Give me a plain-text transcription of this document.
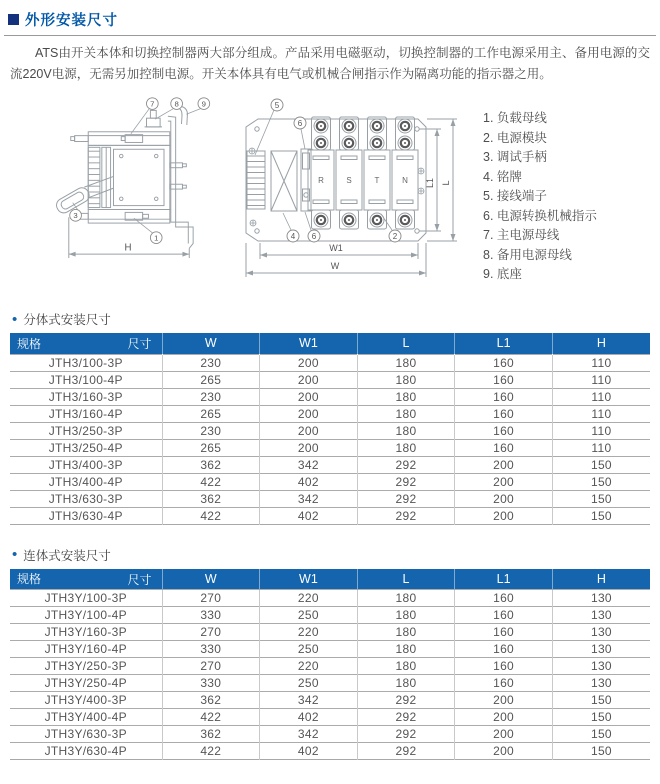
外形安装尺寸

ATS由开关本体和切换控制器两大部分组成。产品采用电磁驱动，切换控制器的工作电源采用主、备用电源的交流220V电源，无需另加控制电源。开关本体具有电气或机械合闸指示作为隔离功能的指示器之用。

7 8	9
3
1
H
R	S	T	N
5
6
4 6	2
W1
W
L1 L
1. 负载母线
2. 电源模块
3. 调试手柄
4. 铭牌
5. 接线端子
6. 电源转换机械指示
7. 主电源母线
8. 备用电源母线
9. 底座
• 分体式安装尺寸
规格 尺寸	W	W1	L	L1	H
JTH3/100-3P	230	200	180	160	110
JTH3/100-4P	265	200	180	160	110
JTH3/160-3P	230	200	180	160	110
JTH3/160-4P	265	200	180	160	110
JTH3/250-3P	230	200	180	160	110
JTH3/250-4P	265	200	180	160	110
JTH3/400-3P	362	342	292	200	150
JTH3/400-4P	422	402	292	200	150
JTH3/630-3P	362	342	292	200	150
JTH3/630-4P	422	402	292	200	150
• 连体式安装尺寸
规格 尺寸	W	W1	L	L1	H
JTH3Y/100-3P	270	220	180	160	130
JTH3Y/100-4P	330	250	180	160	130
JTH3Y/160-3P	270	220	180	160	130
JTH3Y/160-4P	330	250	180	160	130
JTH3Y/250-3P	270	220	180	160	130
JTH3Y/250-4P	330	250	180	160	130
JTH3Y/400-3P	362	342	292	200	150
JTH3Y/400-4P	422	402	292	200	150
JTH3Y/630-3P	362	342	292	200	150
JTH3Y/630-4P	422	402	292	200	150
